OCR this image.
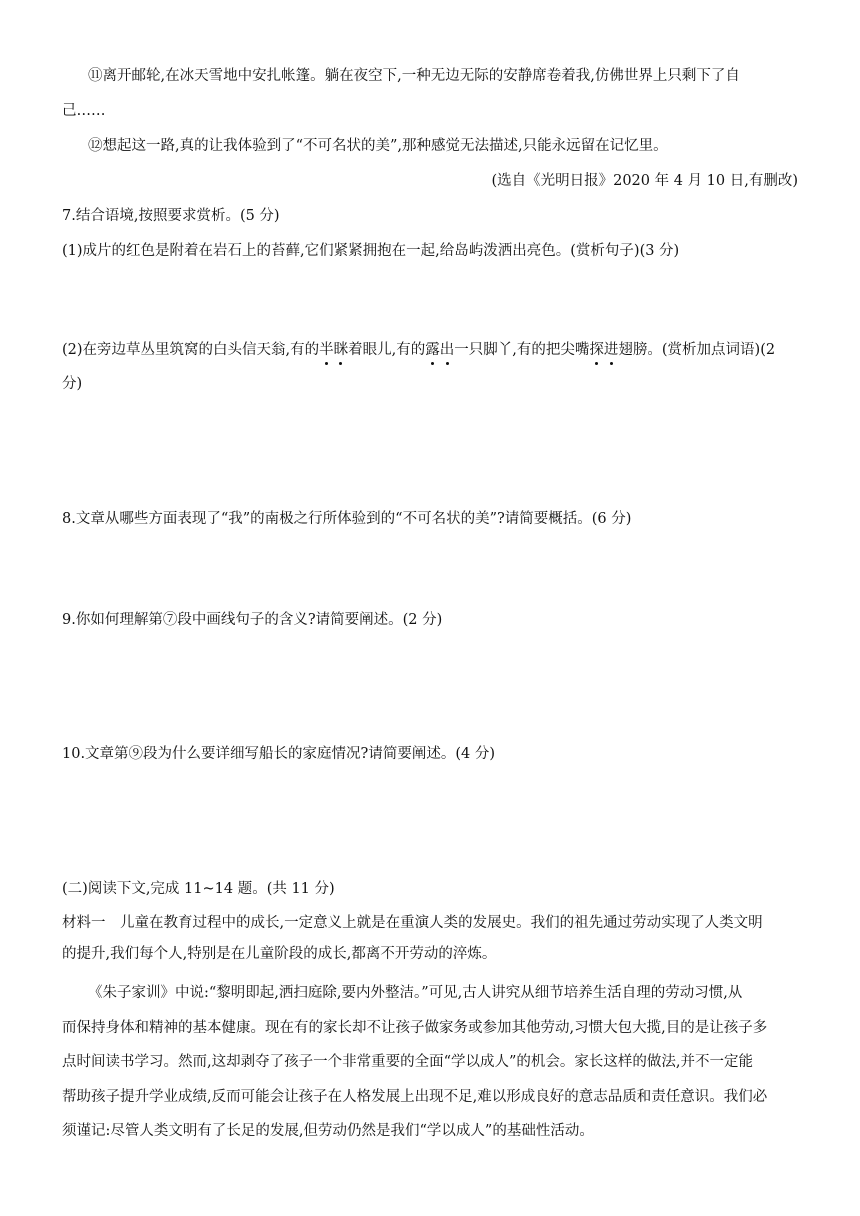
⑪离开邮轮,在冰天雪地中安扎帐篷。躺在夜空下,一种无边无际的安静席卷着我,仿佛世界上只剩下了自
己……
⑫想起这一路,真的让我体验到了“不可名状的美”,那种感觉无法描述,只能永远留在记忆里。
(选自《光明日报》2020 年 4 月 10 日,有删改)
7.结合语境,按照要求赏析。(5 分)
(1)成片的红色是附着在岩石上的苔藓,它们紧紧拥抱在一起,给岛屿泼洒出亮色。(赏析句子)(3 分)
(2)在旁边草丛里筑窝的白头信天翁,有的半眯着眼儿,有的露出一只脚丫,有的把尖嘴探进翅膀。(赏析加点词语)(2
分)
8.文章从哪些方面表现了“我”的南极之行所体验到的“不可名状的美”?请简要概括。(6 分)
9.你如何理解第⑦段中画线句子的含义?请简要阐述。(2 分)
10.文章第⑨段为什么要详细写船长的家庭情况?请简要阐述。(4 分)
(二)阅读下文,完成 11~14 题。(共 11 分)
材料一　儿童在教育过程中的成长,一定意义上就是在重演人类的发展史。我们的祖先通过劳动实现了人类文明
的提升,我们每个人,特别是在儿童阶段的成长,都离不开劳动的淬炼。
《朱子家训》中说:“黎明即起,洒扫庭除,要内外整洁。”可见,古人讲究从细节培养生活自理的劳动习惯,从
而保持身体和精神的基本健康。现在有的家长却不让孩子做家务或参加其他劳动,习惯大包大揽,目的是让孩子多
点时间读书学习。然而,这却剥夺了孩子一个非常重要的全面“学以成人”的机会。家长这样的做法,并不一定能
帮助孩子提升学业成绩,反而可能会让孩子在人格发展上出现不足,难以形成良好的意志品质和责任意识。我们必
须谨记:尽管人类文明有了长足的发展,但劳动仍然是我们“学以成人”的基础性活动。
